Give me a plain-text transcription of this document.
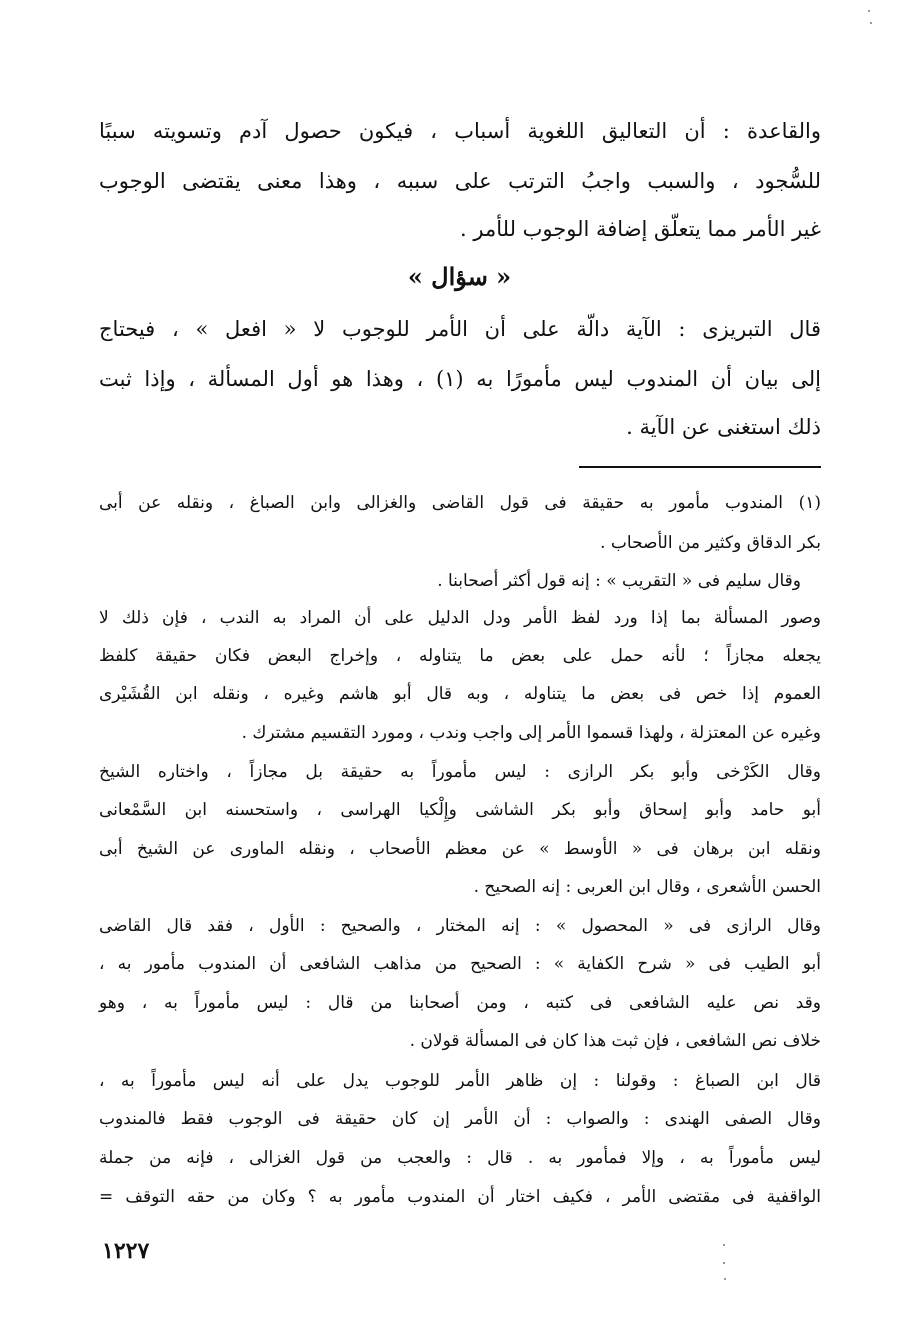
والقاعدة : أن التعاليق اللغوية أسباب ، فيكون حصول آدم وتسويته سببًا
للسُّجود ، والسبب واجبُ الترتب على سببه ، وهذا معنى يقتضى الوجوب
غير الأمر مما يتعلّق إضافة الوجوب للأمر .
« سؤال »
قال التبريزى : الآية دالّة على أن الأمر للوجوب لا « افعل » ، فيحتاج
إلى بيان أن المندوب ليس مأمورًا به (١) ، وهذا هو أول المسألة ، وإذا ثبت
ذلك استغنى عن الآية .
(١) المندوب مأمور به حقيقة فى قول القاضى والغزالى وابن الصباغ ، ونقله عن أبى
بكر الدقاق وكثير من الأصحاب .
وقال سليم فى « التقريب » : إنه قول أكثر أصحابنا .
وصور المسألة بما إذا ورد لفظ الأمر ودل الدليل على أن المراد به الندب ، فإن ذلك لا
يجعله مجازاً ؛ لأنه حمل على بعض ما يتناوله ، وإخراج البعض فكان حقيقة كلفظ
العموم إذا خص فى بعض ما يتناوله ، وبه قال أبو هاشم وغيره ، ونقله ابن القُشَيْرى
وغيره عن المعتزلة ، ولهذا قسموا الأمر إلى واجب وندب ، ومورد التقسيم مشترك .
وقال الكَرْخى وأبو بكر الرازى : ليس مأموراً به حقيقة بل مجازاً ، واختاره الشيخ
أبو حامد وأبو إسحاق وأبو بكر الشاشى وإِلْكيا الهراسى ، واستحسنه ابن السَّمْعانى
ونقله ابن برهان فى « الأوسط » عن معظم الأصحاب ، ونقله الماورى عن الشيخ أبى
الحسن الأشعرى ، وقال ابن العربى : إنه الصحيح .
وقال الرازى فى « المحصول » : إنه المختار ، والصحيح : الأول ، فقد قال القاضى
أبو الطيب فى « شرح الكفاية » : الصحيح من مذاهب الشافعى أن المندوب مأمور به ،
وقد نص عليه الشافعى فى كتبه ، ومن أصحابنا من قال : ليس مأموراً به ، وهو
خلاف نص الشافعى ، فإن ثبت هذا كان فى المسألة قولان .
قال ابن الصباغ : وقولنا : إن ظاهر الأمر للوجوب يدل على أنه ليس مأموراً به ،
وقال الصفى الهندى : والصواب : أن الأمر إن كان حقيقة فى الوجوب فقط فالمندوب
ليس مأموراً به ، وإلا فمأمور به . قال : والعجب من قول الغزالى ، فإنه من جملة
الواقفية فى مقتضى الأمر ، فكيف اختار أن المندوب مأمور به ؟ وكان من حقه التوقف =
١٢٢٧
